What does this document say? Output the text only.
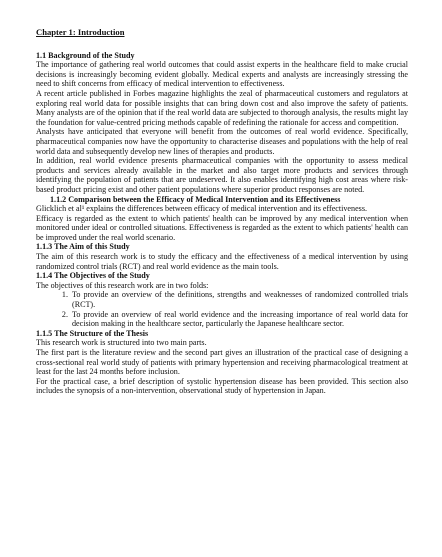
Chapter 1: Introduction
1.1 Background of the Study

The importance of gathering real world outcomes that could assist experts in the healthcare field to make crucial decisions is increasingly becoming evident globally. Medical experts and analysts are increasingly stressing the need to shift concerns from efficacy of medical intervention to effectiveness.

A recent article published in Forbes magazine highlights the zeal of pharmaceutical customers and regulators at exploring real world data for possible insights that can bring down cost and also improve the safety of patients. Many analysts are of the opinion that if the real world data are subjected to thorough analysis, the results might lay the foundation for value-centred pricing methods capable of redefining the rationale for access and competition.

Analysts have anticipated that everyone will benefit from the outcomes of real world evidence. Specifically, pharmaceutical companies now have the opportunity to characterise diseases and populations with the help of real world data and subsequently develop new lines of therapies and products.

In addition, real world evidence presents pharmaceutical companies with the opportunity to assess medical products and services already available in the market and also target more products and services through identifying the population of patients that are undeserved. It also enables identifying high cost areas where risk-based product pricing exist and other patient populations where superior product responses are noted.

1.1.2 Comparison between the Efficacy of Medical Intervention and its Effectiveness

Glicklich et al¹ explains the differences between efficacy of medical intervention and its effectiveness.

Efficacy is regarded as the extent to which patients' health can be improved by any medical intervention when monitored under ideal or controlled situations. Effectiveness is regarded as the extent to which patients' health can be improved under the real world scenario.

1.1.3 The Aim of this Study

The aim of this research work is to study the efficacy and the effectiveness of a medical intervention by using randomized control trials (RCT) and real world evidence as the main tools.

1.1.4 The Objectives of the Study

The objectives of this research work are in two folds:

1. To provide an overview of the definitions, strengths and weaknesses of randomized controlled trials (RCT).
2. To provide an overview of real world evidence and the increasing importance of real world data for decision making in the healthcare sector, particularly the Japanese healthcare sector.
1.1.5 The Structure of the Thesis

This research work is structured into two main parts.

The first part is the literature review and the second part gives an illustration of the practical case of designing a cross-sectional real world study of patients with primary hypertension and receiving pharmacological treatment at least for the last 24 months before inclusion.

For the practical case, a brief description of systolic hypertension disease has been provided. This section also includes the synopsis of a non-intervention, observational study of hypertension in Japan.
